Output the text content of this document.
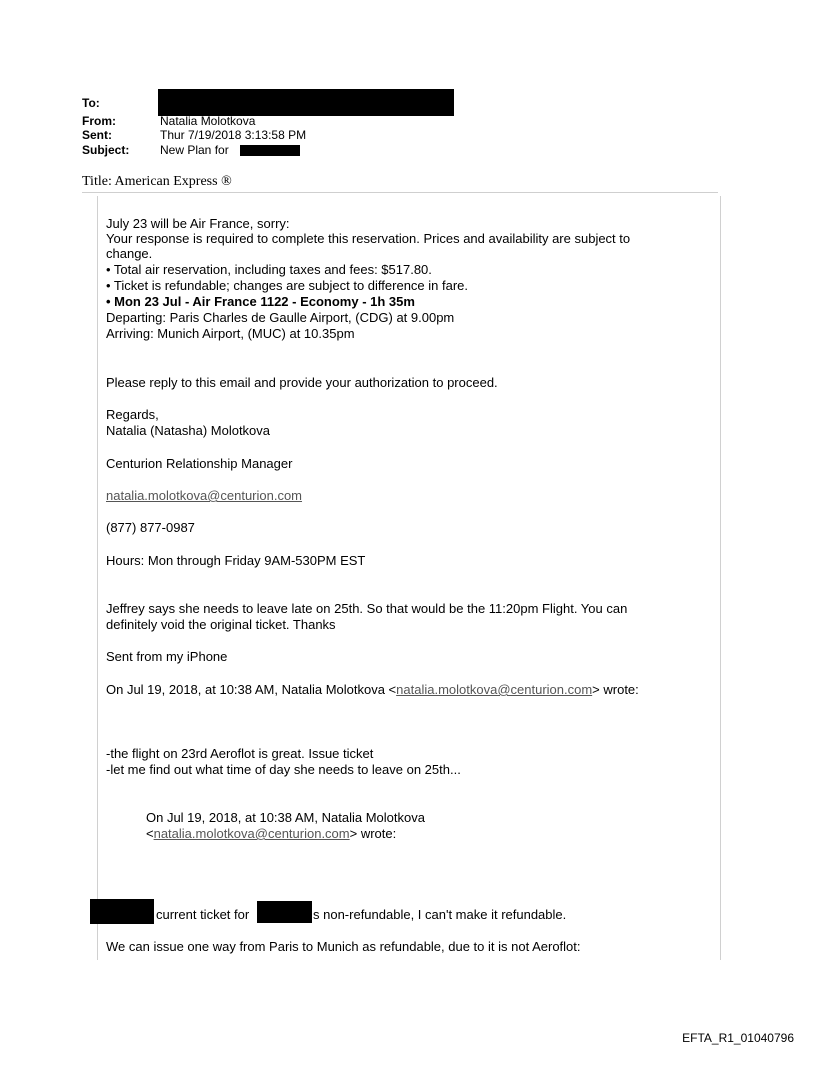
To:
From:	Natalia Molotkova
Sent:	Thur 7/19/2018 3:13:58 PM
Subject:	New Plan for
Title: American Express ®
July 23 will be Air France, sorry:
Your response is required to complete this reservation. Prices and availability are subject to
change.
• Total air reservation, including taxes and fees: $517.80.
• Ticket is refundable; changes are subject to difference in fare.
• Mon 23 Jul - Air France 1122 - Economy - 1h 35m
Departing: Paris Charles de Gaulle Airport, (CDG) at 9.00pm
Arriving: Munich Airport, (MUC) at 10.35pm
Please reply to this email and provide your authorization to proceed.
Regards,
Natalia (Natasha) Molotkova
Centurion Relationship Manager
natalia.molotkova@centurion.com
(877) 877-0987
Hours: Mon through Friday 9AM-530PM EST
Jeffrey says she needs to leave late on 25th. So that would be the 11:20pm Flight. You can
definitely void the original ticket. Thanks
Sent from my iPhone
On Jul 19, 2018, at 10:38 AM, Natalia Molotkova <natalia.molotkova@centurion.com> wrote:
-the flight on 23rd Aeroflot is great. Issue ticket
-let me find out what time of day she needs to leave on 25th...
On Jul 19, 2018, at 10:38 AM, Natalia Molotkova
<natalia.molotkova@centurion.com> wrote:
current ticket for	s non-refundable, I can't make it refundable.
We can issue one way from Paris to Munich as refundable, due to it is not Aeroflot:
EFTA_R1_01040796
